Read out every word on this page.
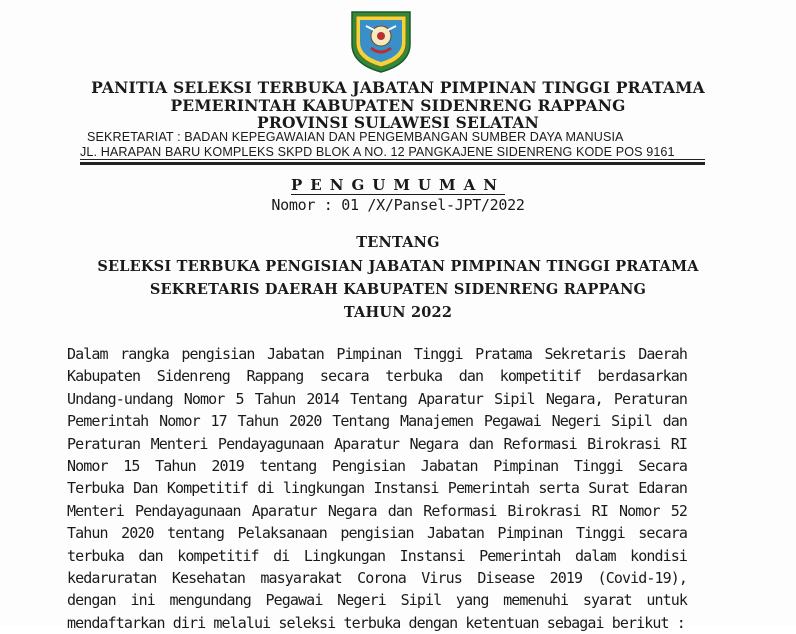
PANITIA SELEKSI TERBUKA JABATAN PIMPINAN TINGGI PRATAMA
PEMERINTAH KABUPATEN SIDENRENG RAPPANG
PROVINSI SULAWESI SELATAN
SEKRETARIAT : BADAN KEPEGAWAIAN DAN PENGEMBANGAN SUMBER DAYA MANUSIA
JL. HARAPAN BARU KOMPLEKS SKPD BLOK A NO. 12 PANGKAJENE SIDENRENG KODE POS 9161
PENGUMUMAN
Nomor : 01 /X/Pansel-JPT/2022
TENTANG
SELEKSI TERBUKA PENGISIAN JABATAN PIMPINAN TINGGI PRATAMA
SEKRETARIS DAERAH KABUPATEN SIDENRENG RAPPANG
TAHUN 2022
Dalam rangka pengisian Jabatan Pimpinan Tinggi Pratama Sekretaris Daerah
Kabupaten Sidenreng Rappang secara terbuka dan kompetitif berdasarkan
Undang-undang Nomor 5 Tahun 2014 Tentang Aparatur Sipil Negara, Peraturan
Pemerintah Nomor 17 Tahun 2020 Tentang Manajemen Pegawai Negeri Sipil dan
Peraturan Menteri Pendayagunaan Aparatur Negara dan Reformasi Birokrasi RI
Nomor 15 Tahun 2019 tentang Pengisian Jabatan Pimpinan Tinggi Secara
Terbuka Dan Kompetitif di lingkungan Instansi Pemerintah serta Surat Edaran
Menteri Pendayagunaan Aparatur Negara dan Reformasi Birokrasi RI Nomor 52
Tahun 2020 tentang Pelaksanaan pengisian Jabatan Pimpinan Tinggi secara
terbuka dan kompetitif di Lingkungan Instansi Pemerintah dalam kondisi
kedaruratan Kesehatan masyarakat Corona Virus Disease 2019 (Covid-19),
dengan ini mengundang Pegawai Negeri Sipil yang memenuhi syarat untuk
mendaftarkan diri melalui seleksi terbuka dengan ketentuan sebagai berikut :
